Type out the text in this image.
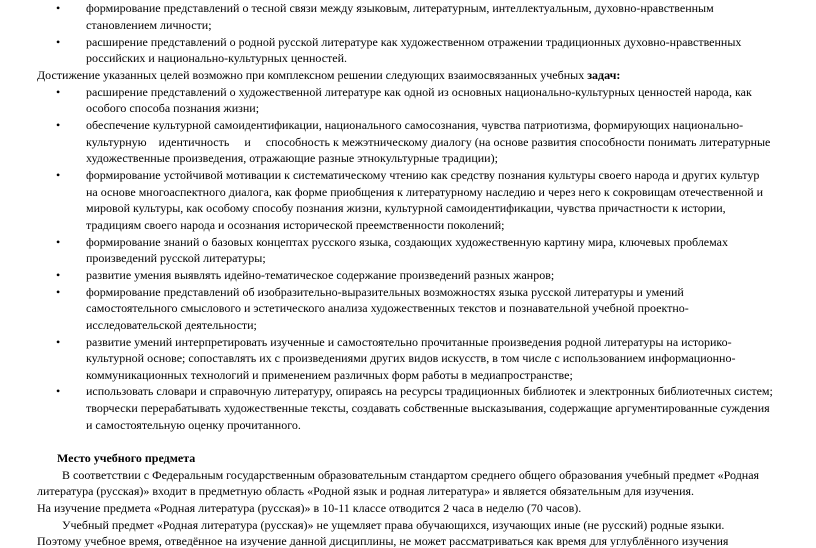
•
формирование представлений о тесной связи между языковым, литературным, интеллектуальным, духовно-нравственным
становлением личности;
•
расширение представлений о родной русской литературе как художественном отражении традиционных духовно-нравственных
российских и национально-культурных ценностей.
Достижение указанных целей возможно при комплексном решении следующих взаимосвязанных учебных задач:
•
расширение представлений о художественной литературе как одной из основных национально-культурных ценностей народа, как
особого способа познания жизни;
•
обеспечение культурной самоидентификации, национального самосознания, чувства патриотизма, формирующих национально-
культурную    идентичность     и     способность к межэтническому диалогу (на основе развития способности понимать литературные
художественные произведения, отражающие разные этнокультурные традиции);
•
формирование устойчивой мотивации к систематическому чтению как средству познания культуры своего народа и других культур
на основе многоаспектного диалога, как форме приобщения к литературному наследию и через него к сокровищам отечественной и
мировой культуры, как особому способу познания жизни, культурной самоидентификации, чувства причастности к истории,
традициям своего народа и осознания исторической преемственности поколений;
•
формирование знаний о базовых концептах русского языка, создающих художественную картину мира, ключевых проблемах
произведений русской литературы;
•
развитие умения выявлять идейно-тематическое содержание произведений разных жанров;
•
формирование представлений об изобразительно-выразительных возможностях языка русской литературы и умений
самостоятельного смыслового и эстетического анализа художественных текстов и познавательной учебной проектно-
исследовательской деятельности;
•
развитие умений интерпретировать изученные и самостоятельно прочитанные произведения родной литературы на историко-
культурной основе; сопоставлять их с произведениями других видов искусств, в том числе с использованием информационно-
коммуникационных технологий и применением различных форм работы в медиапространстве;
•
использовать словари и справочную литературу, опираясь на ресурсы традиционных библиотек и электронных библиотечных систем;
творчески перерабатывать художественные тексты, создавать собственные высказывания, содержащие аргументированные суждения
и самостоятельную оценку прочитанного.
Место учебного предмета
В соответствии с Федеральным государственным образовательным стандартом среднего общего образования учебный предмет «Родная
литература (русская)» входит в предметную область «Родной язык и родная литература» и является обязательным для изучения.
На изучение предмета «Родная литература (русская)» в 10-11 классе отводится 2 часа в неделю (70 часов).
Учебный предмет «Родная литература (русская)» не ущемляет права обучающихся, изучающих иные (не русский) родные языки.
Поэтому учебное время, отведённое на изучение данной дисциплины, не может рассматриваться как время для углублённого изучения
